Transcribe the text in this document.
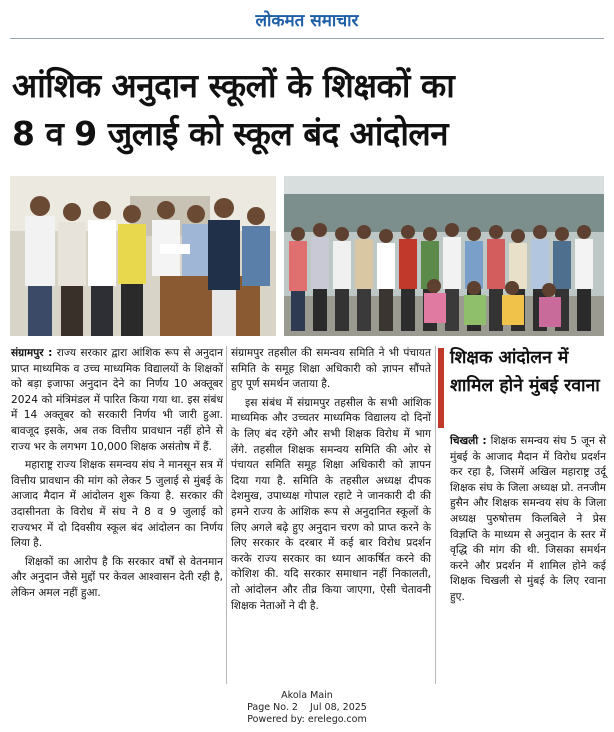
लोकमत समाचार
आंशिक अनुदान स्कूलों के शिक्षकों का
8 व 9 जुलाई को स्कूल बंद आंदोलन

संग्रामपुर : राज्य सरकार द्वारा आंशिक रूप से अनुदान प्राप्त माध्यमिक व उच्च माध्यमिक विद्यालयों के शिक्षकों को बड़ा इजाफा अनुदान देने का निर्णय 10 अक्तूबर 2024 को मंत्रिमंडल में पारित किया गया था. इस संबंध में 14 अक्तूबर को सरकारी निर्णय भी जारी हुआ. बावजूद इसके, अब तक वित्तीय प्रावधान नहीं होने से राज्य भर के लगभग 10,000 शिक्षक असंतोष में हैं.

महाराष्ट्र राज्य शिक्षक समन्वय संघ ने मानसून सत्र में वित्तीय प्रावधान की मांग को लेकर 5 जुलाई से मुंबई के आजाद मैदान में आंदोलन शुरू किया है. सरकार की उदासीनता के विरोध में संघ ने 8 व 9 जुलाई को राज्यभर में दो दिवसीय स्कूल बंद आंदोलन का निर्णय लिया है.

शिक्षकों का आरोप है कि सरकार वर्षों से वेतनमान और अनुदान जैसे मुद्दों पर केवल आश्वासन देती रही है, लेकिन अमल नहीं हुआ.

संग्रामपुर तहसील की समन्वय समिति ने भी पंचायत समिति के समूह शिक्षा अधिकारी को ज्ञापन सौंपते हुए पूर्ण समर्थन जताया है.

इस संबंध में संग्रामपुर तहसील के सभी आंशिक माध्यमिक और उच्चतर माध्यमिक विद्यालय दो दिनों के लिए बंद रहेंगे और सभी शिक्षक विरोध में भाग लेंगे. तहसील शिक्षक समन्वय समिति की ओर से पंचायत समिति समूह शिक्षा अधिकारी को ज्ञापन दिया गया है. समिति के तहसील अध्यक्ष दीपक देशमुख, उपाध्यक्ष गोपाल रहाटे ने जानकारी दी की हमने राज्य के आंशिक रूप से अनुदानित स्कूलों के लिए अगले बढ़े हुए अनुदान चरण को प्राप्त करने के लिए सरकार के दरबार में कई बार विरोध प्रदर्शन करके राज्य सरकार का ध्यान आकर्षित करने की कोशिश की. यदि सरकार समाधान नहीं निकालती, तो आंदोलन और तीव्र किया जाएगा, ऐसी चेतावनी शिक्षक नेताओं ने दी है.

शिक्षक आंदोलन में शामिल होने मुंबई रवाना

चिखली : शिक्षक समन्वय संघ 5 जून से मुंबई के आजाद मैदान में विरोध प्रदर्शन कर रहा है, जिसमें अखिल महाराष्ट्र उर्दू शिक्षक संघ के जिला अध्यक्ष प्रो. तनजीम हुसैन और शिक्षक समन्वय संघ के जिला अध्यक्ष पुरुषोत्तम किलबिले ने प्रेस विज्ञप्ति के माध्यम से अनुदान के स्तर में वृद्धि की मांग की थी. जिसका समर्थन करने और प्रदर्शन में शामिल होने कई शिक्षक चिखली से मुंबई के लिए रवाना हुए.

Akola Main
Page No. 2    Jul 08, 2025
Powered by: erelego.com
